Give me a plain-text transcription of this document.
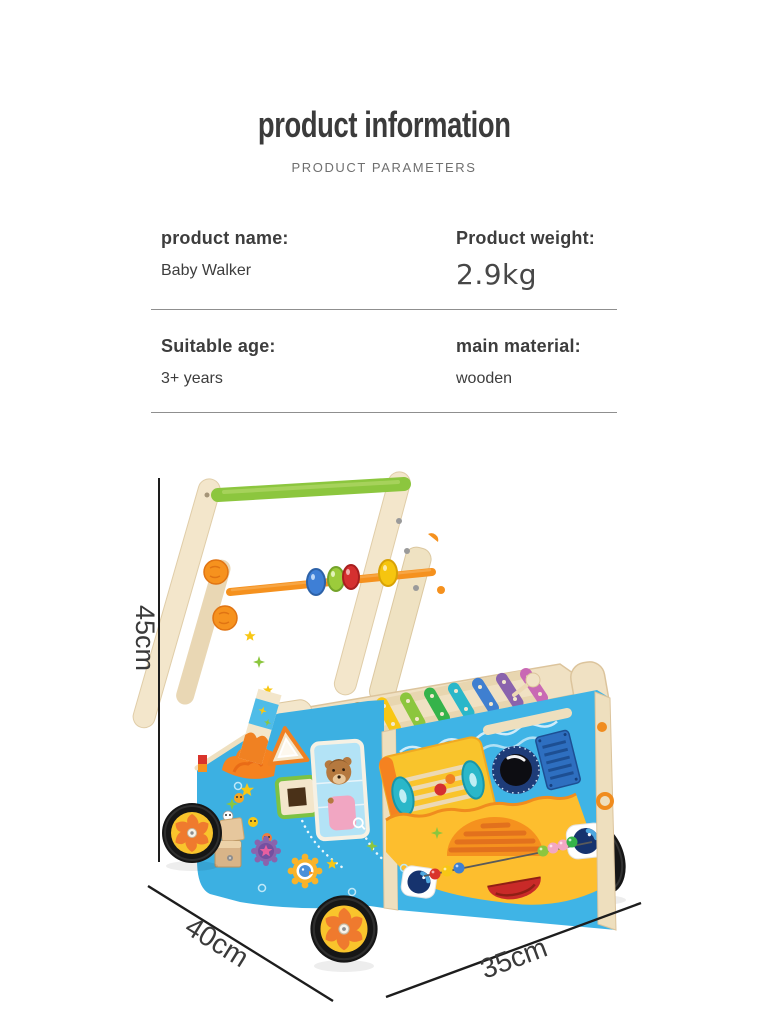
product information
PRODUCT PARAMETERS
product name:
Baby Walker
Product weight:
2.9kg
Suitable age:
3+ years
main material:
wooden
45cm
40cm	35cm
